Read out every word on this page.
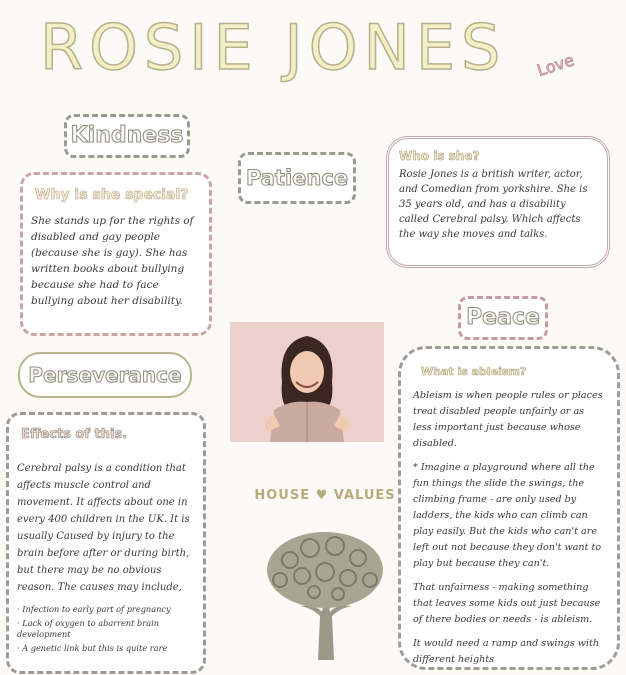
ROSIE JONES	Love
Kindness
Patience
Peace
Perseverance
Why is she special?
She stands up for the rights of disabled and gay people (because she is gay). She has written books about bullying because she had to face bullying about her disability.
Who is she?
Rosie Jones is a british writer, actor, and Comedian from yorkshire. She is 35 years old, and has a disability called Cerebral palsy. Which affects the way she moves and talks.
Effects of this.
Cerebral palsy is a condition that affects muscle control and movement. It affects about one in every 400 children in the UK. It is usually Caused by injury to the brain before after or during birth, but there may be no obvious reason. The causes may include,
· Infection to early part of pregnancy
· Lack of oxygen to abarrent brain development
· A genetic link but this is quite rare
HOUSE ♥ VALUES
What is ableism?
Ableism is when people rules or places treat disabled people unfairly or as less important just because whose disabled.
* Imagine a playground where all the fun things the slide the swings, the climbing frame - are only used by ladders, the kids who can climb can play easily. But the kids who can't are left out not because they don't want to play but because they can't.
That unfairness - making something that leaves some kids out just because of there bodies or needs - is ableism.
It would need a ramp and swings with different heights
